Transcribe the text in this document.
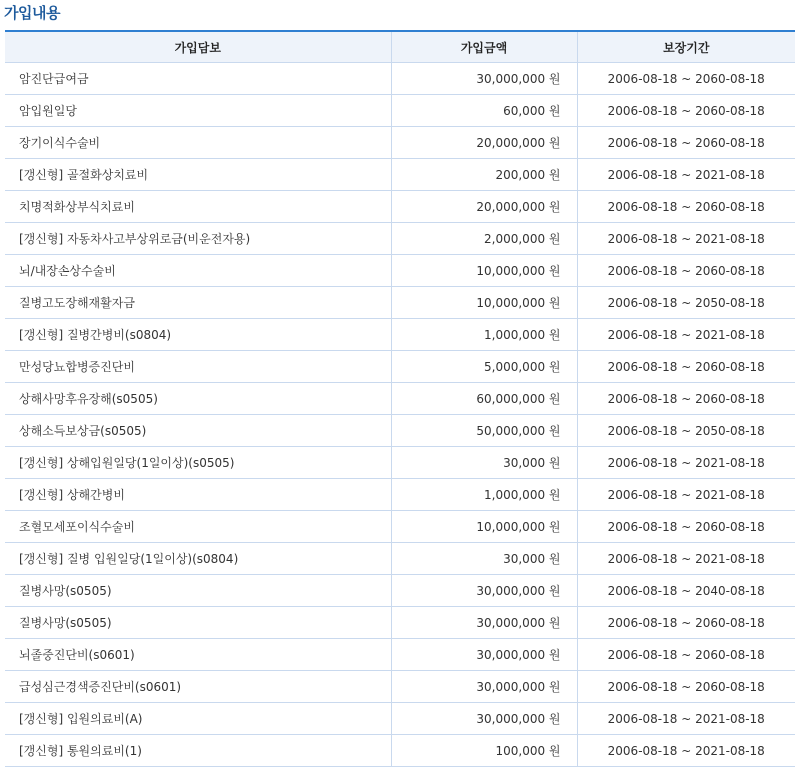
가입내용
가입담보	가입금액	보장기간
암진단급여금	30,000,000 원	2006-08-18 ~ 2060-08-18
암입원일당	60,000 원	2006-08-18 ~ 2060-08-18
장기이식수술비	20,000,000 원	2006-08-18 ~ 2060-08-18
[갱신형] 골절화상치료비	200,000 원	2006-08-18 ~ 2021-08-18
치명적화상부식치료비	20,000,000 원	2006-08-18 ~ 2060-08-18
[갱신형] 자동차사고부상위로금(비운전자용)	2,000,000 원	2006-08-18 ~ 2021-08-18
뇌/내장손상수술비	10,000,000 원	2006-08-18 ~ 2060-08-18
질병고도장해재활자금	10,000,000 원	2006-08-18 ~ 2050-08-18
[갱신형] 질병간병비(s0804)	1,000,000 원	2006-08-18 ~ 2021-08-18
만성당뇨합병증진단비	5,000,000 원	2006-08-18 ~ 2060-08-18
상해사망후유장해(s0505)	60,000,000 원	2006-08-18 ~ 2060-08-18
상해소득보상금(s0505)	50,000,000 원	2006-08-18 ~ 2050-08-18
[갱신형] 상해입원일당(1일이상)(s0505)	30,000 원	2006-08-18 ~ 2021-08-18
[갱신형] 상해간병비	1,000,000 원	2006-08-18 ~ 2021-08-18
조혈모세포이식수술비	10,000,000 원	2006-08-18 ~ 2060-08-18
[갱신형] 질병 입원일당(1일이상)(s0804)	30,000 원	2006-08-18 ~ 2021-08-18
질병사망(s0505)	30,000,000 원	2006-08-18 ~ 2040-08-18
질병사망(s0505)	30,000,000 원	2006-08-18 ~ 2060-08-18
뇌졸중진단비(s0601)	30,000,000 원	2006-08-18 ~ 2060-08-18
급성심근경색증진단비(s0601)	30,000,000 원	2006-08-18 ~ 2060-08-18
[갱신형] 입원의료비(A)	30,000,000 원	2006-08-18 ~ 2021-08-18
[갱신형] 통원의료비(1)	100,000 원	2006-08-18 ~ 2021-08-18
